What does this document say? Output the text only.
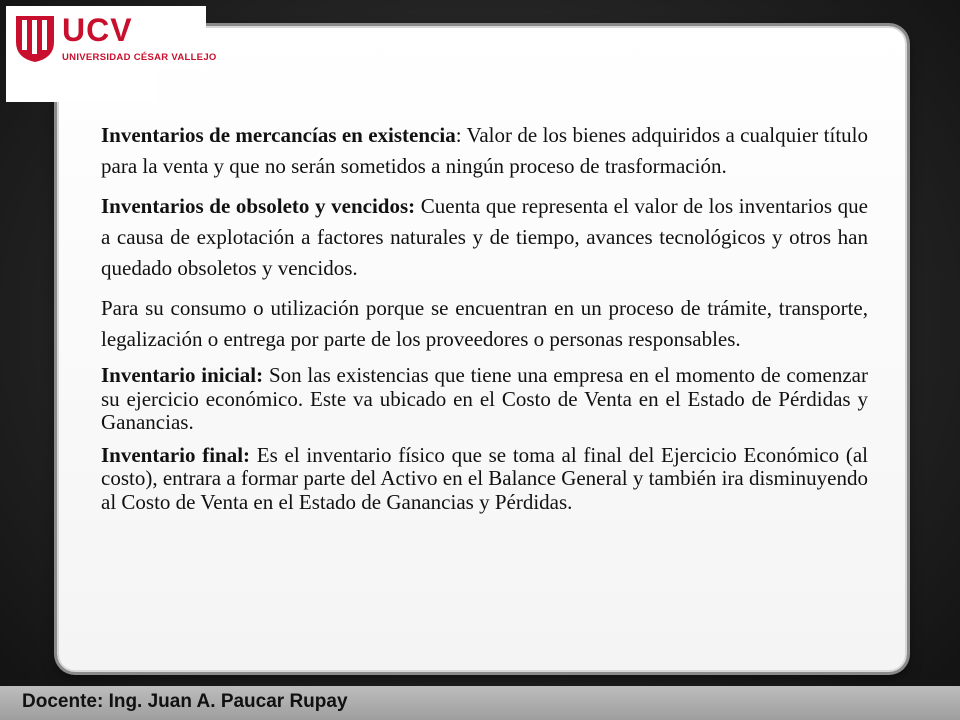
UCV
UNIVERSIDAD CÉSAR VALLEJO

Inventarios de mercancías en existencia: Valor de los bienes adquiridos a cualquier título para la venta y que no serán sometidos a ningún proceso de trasformación.

Inventarios de obsoleto y vencidos: Cuenta que representa el valor de los inventarios que a causa de explotación a factores naturales y de tiempo, avances tecnológicos y otros han quedado obsoletos y vencidos.

Para su consumo o utilización porque se encuentran en un proceso de trámite, transporte, legalización o entrega por parte de los proveedores o personas responsables.

Inventario inicial: Son las existencias que tiene una empresa en el momento de comenzar su ejercicio económico. Este va ubicado en el Costo de Venta en el Estado de Pérdidas y Ganancias.

Inventario final: Es el inventario físico que se toma al final del Ejercicio Económico (al costo), entrara a formar parte del Activo en el Balance General y también ira disminuyendo al Costo de Venta en el Estado de Ganancias y Pérdidas.

Docente: Ing. Juan A. Paucar Rupay
